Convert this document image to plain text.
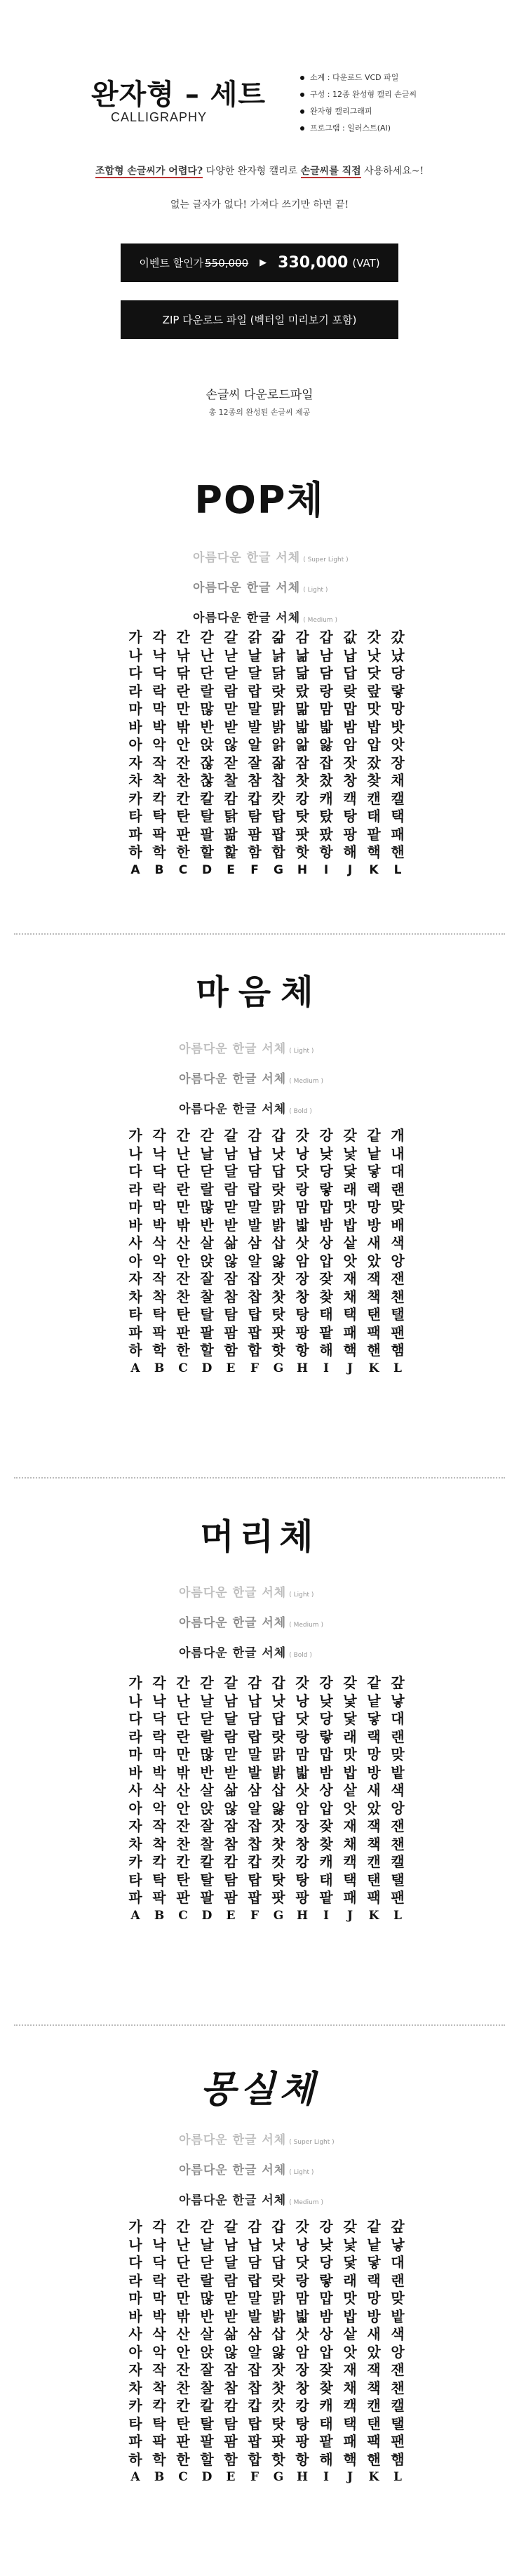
완자형 – 세트
CALLIGRAPHY
소계 : 다운로드 VCD 파일
구성 : 12종 완성형 캘리 손글씨
완자형 캘리그래피
프로그램 : 일러스트(AI)
조합형 손글씨가 어렵다? 다양한 완자형 캘리로 손글씨를 직접 사용하세요~!
없는 글자가 없다! 가져다 쓰기만 하면 끝!
이벤트 할인가 550,000 ▶ 330,000 (VAT)
ZIP 다운로드 파일 (벡터일 미리보기 포함)
손글씨 다운로드파일
총 12종의 완성된 손글씨 제공
POP체
마음체
머리체
몽실체
아름다운 한글 서체 ( Super Light )
아름다운 한글 서체 ( Light )
아름다운 한글 서체 ( Medium )
가 각 간 갇 갈 갉 갊 감 갑 값 갓 갔
나 낙 낚 난 낟 날 낡 낢 남 납 낫 났
다 닥 닦 단 닫 달 닭 닮 담 답 닷 당
라 락 란 랄 람 랍 랏 랐 랑 랒 랖 랗
마 막 만 많 맏 말 맑 맒 맘 맙 맛 망
바 박 밖 반 받 발 밝 밞 밟 밤 밥 밧
아 악 안 앉 않 알 앍 앎 앓 암 압 앗
자 작 잔 잖 잗 잘 잚 잠 잡 잣 잤 장
차 착 찬 찮 찰 참 찹 찻 찼 창 찾 채
카 칵 칸 칼 캄 캅 캇 캉 캐 캑 캔 캘
타 탁 탄 탈 탉 탐 탑 탓 탔 탕 태 택
파 팍 판 팔 팖 팜 팝 팟 팠 팡 팥 패
하 학 한 할 핥 함 합 핫 항 해 핵 핸
A	B	C	D	E	F	G	H	I	J	K	L
아름다운 한글 서체 ( Light )
아름다운 한글 서체 ( Medium )
아름다운 한글 서체 ( Bold )
가 각 간 갇 갈 감 갑 갓 강 갖 같 개
나 낙 난 날 남 납 낫 낭 낮 낯 낱 내
다 닥 단 닫 달 담 답 닷 당 닻 닿 대
라 락 란 랄 람 랍 랏 랑 랗 래 랙 랜
마 막 만 많 맏 말 맑 맘 맙 맛 망 맞
바 박 밖 반 받 발 밝 밟 밤 밥 방 배
사 삭 산 살 삶 삼 삽 삿 상 샅 새 색
아 악 안 앉 않 알 앓 암 압 앗 았 앙
자 작 잔 잘 잠 잡 잣 장 잦 재 잭 잰
차 착 찬 찰 참 찹 찻 창 찾 채 책 챈
타 탁 탄 탈 탐 탑 탓 탕 태 택 탠 탤
파 팍 판 팔 팜 팝 팟 팡 팥 패 팩 팬
하 학 한 할 함 합 핫 항 해 핵 핸 햄
A	B	C	D	E	F	G	H	I	J	K	L
아름다운 한글 서체 ( Light )
아름다운 한글 서체 ( Medium )
아름다운 한글 서체 ( Bold )
가 각 간 갇 갈 감 갑 갓 강 갖 같 갚
나 낙 난 날 남 납 낫 낭 낮 낯 낱 낳
다 닥 단 닫 달 담 답 닷 당 닻 닿 대
라 락 란 랄 람 랍 랏 랑 랗 래 랙 랜
마 막 만 많 맏 말 맑 맘 맙 맛 망 맞
바 박 밖 반 받 발 밝 밟 밤 밥 방 밭
사 삭 산 살 삶 삼 삽 삿 상 샅 새 색
아 악 안 앉 않 알 앓 암 압 앗 았 앙
자 작 잔 잘 잠 잡 잣 장 잦 재 잭 잰
차 착 찬 찰 참 찹 찻 창 찾 채 책 챈
카 칵 칸 칼 캄 캅 캇 캉 캐 캑 캔 캘
타 탁 탄 탈 탐 탑 탓 탕 태 택 탠 탤
파 팍 판 팔 팜 팝 팟 팡 팥 패 팩 팬
A	B	C	D	E	F	G	H	I	J	K	L
아름다운 한글 서체 ( Super Light )
아름다운 한글 서체 ( Light )
아름다운 한글 서체 ( Medium )
가 각 간 갇 갈 감 갑 갓 강 갖 같 갚
나 낙 난 날 남 납 낫 낭 낮 낯 낱 낳
다 닥 단 닫 달 담 답 닷 당 닻 닿 대
라 락 란 랄 람 랍 랏 랑 랗 래 랙 랜
마 막 만 많 맏 말 맑 맘 맙 맛 망 맞
바 박 밖 반 받 발 밝 밟 밤 밥 방 밭
사 삭 산 살 삶 삼 삽 삿 상 샅 새 색
아 악 안 앉 않 알 앓 암 압 앗 았 앙
자 작 잔 잘 잠 잡 잣 장 잦 재 잭 잰
차 착 찬 찰 참 찹 찻 창 찾 채 책 챈
카 칵 칸 칼 캄 캅 캇 캉 캐 캑 캔 캘
타 탁 탄 탈 탐 탑 탓 탕 태 택 탠 탤
파 팍 판 팔 팜 팝 팟 팡 팥 패 팩 팬
하 학 한 할 함 합 핫 항 해 핵 핸 햄
A	B	C	D	E	F	G	H	I	J	K	L
